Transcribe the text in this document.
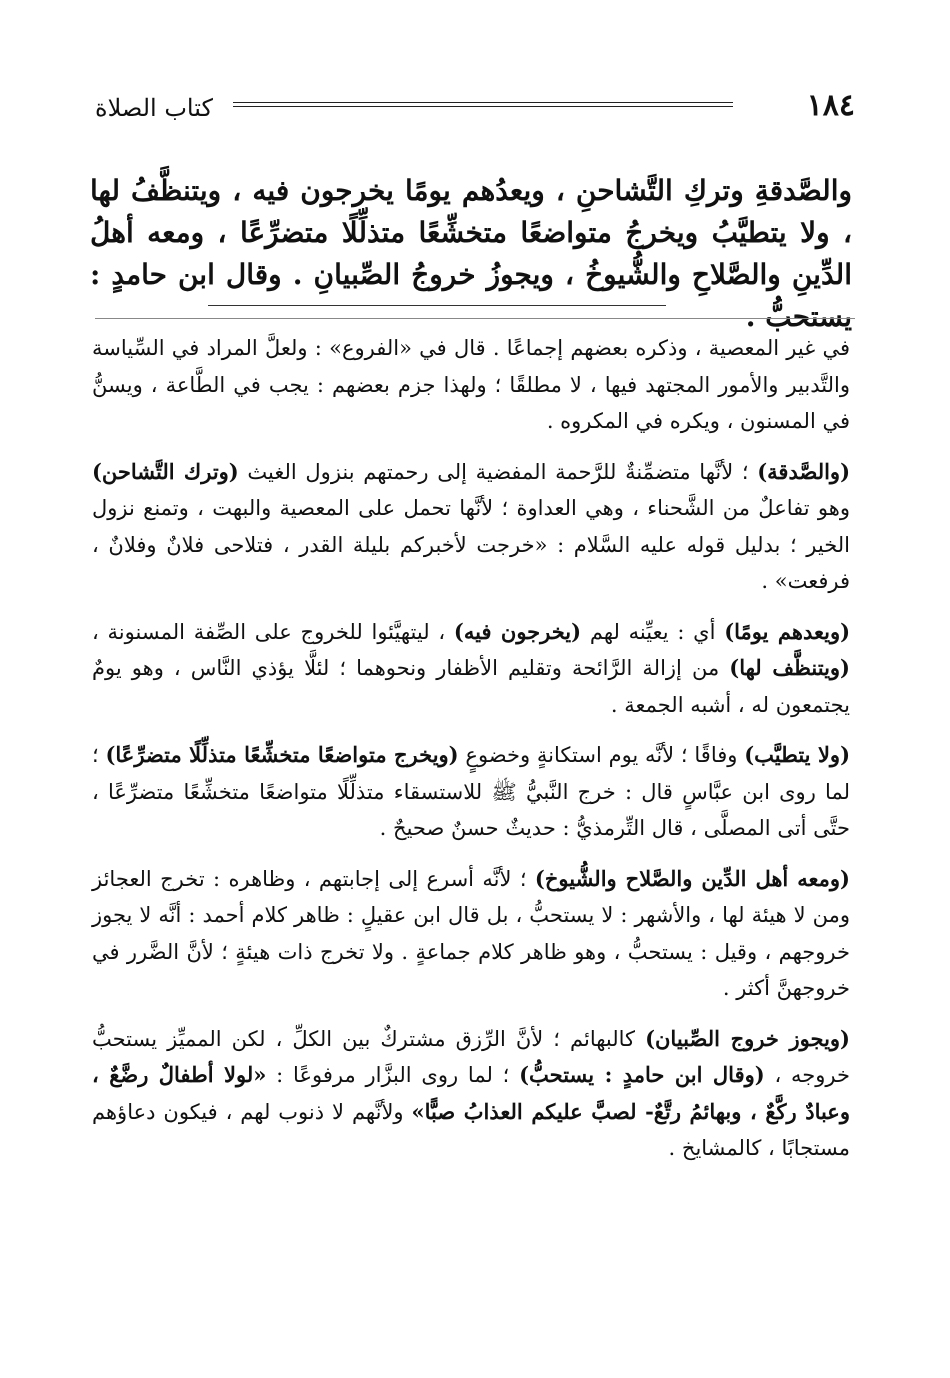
١٨٤
كتاب الصلاة
والصَّدقةِ وتركِ التَّشاحنِ ، ويعدُهم يومًا يخرجون فيه ، ويتنظَّفُ لها ، ولا يتطيَّبُ ويخرجُ متواضعًا متخشِّعًا متذلِّلًا متضرِّعًا ، ومعه أهلُ الدِّينِ والصَّلاحِ والشُّيوخُ ، ويجوزُ خروجُ الصِّبيانِ . وقال ابن حامدٍ : يستحبُّ .

في غير المعصية ، وذكره بعضهم إجماعًا . قال في «الفروع» : ولعلَّ المراد في السِّياسة والتَّدبير والأمور المجتهد فيها ، لا مطلقًا ؛ ولهذا جزم بعضهم : يجب في الطَّاعة ، ويسنُّ في المسنون ، ويكره في المكروه .

(والصَّدقة) ؛ لأنَّها متضمِّنةٌ للرَّحمة المفضية إلى رحمتهم بنزول الغيث (وترك التَّشاحن) وهو تفاعلٌ من الشَّحناء ، وهي العداوة ؛ لأنَّها تحمل على المعصية والبهت ، وتمنع نزول الخير ؛ بدليل قوله عليه السَّلام : «خرجت لأخبركم بليلة القدر ، فتلاحى فلانٌ وفلانٌ ، فرفعت» .

(ويعدهم يومًا) أي : يعيِّنه لهم (يخرجون فيه) ، ليتهيَّئوا للخروج على الصِّفة المسنونة ، (ويتنظَّف لها) من إزالة الرَّائحة وتقليم الأظفار ونحوهما ؛ لئلَّا يؤذي النَّاس ، وهو يومٌ يجتمعون له ، أشبه الجمعة .

(ولا يتطيَّب) وفاقًا ؛ لأنَّه يوم استكانةٍ وخضوعٍ (ويخرج متواضعًا متخشِّعًا متذلِّلًا متضرِّعًا) ؛ لما روى ابن عبَّاسٍ قال : خرج النَّبيُّ ﷺ للاستسقاء متذلِّلًا متواضعًا متخشِّعًا متضرِّعًا ، حتَّى أتى المصلَّى ، قال التِّرمذيُّ : حديثٌ حسنٌ صحيحٌ .

(ومعه أهل الدِّين والصَّلاح والشُّيوخ) ؛ لأنَّه أسرع إلى إجابتهم ، وظاهره : تخرج العجائز ومن لا هيئة لها ، والأشهر : لا يستحبُّ ، بل قال ابن عقيلٍ : ظاهر كلام أحمد : أنَّه لا يجوز خروجهم ، وقيل : يستحبُّ ، وهو ظاهر كلام جماعةٍ . ولا تخرج ذات هيئةٍ ؛ لأنَّ الضَّرر في خروجهنَّ أكثر .

(ويجوز خروج الصِّبيان) كالبهائم ؛ لأنَّ الرِّزق مشتركٌ بين الكلِّ ، لكن المميِّز يستحبُّ خروجه ، (وقال ابن حامدٍ : يستحبُّ) ؛ لما روى البزَّار مرفوعًا : «لولا أطفالٌ رضَّعٌ ، وعبادٌ ركَّعٌ ، وبهائمُ رتَّعٌ- لصبَّ عليكم العذابُ صبًّا» ولأنَّهم لا ذنوب لهم ، فيكون دعاؤهم مستجابًا ، كالمشايخ .
